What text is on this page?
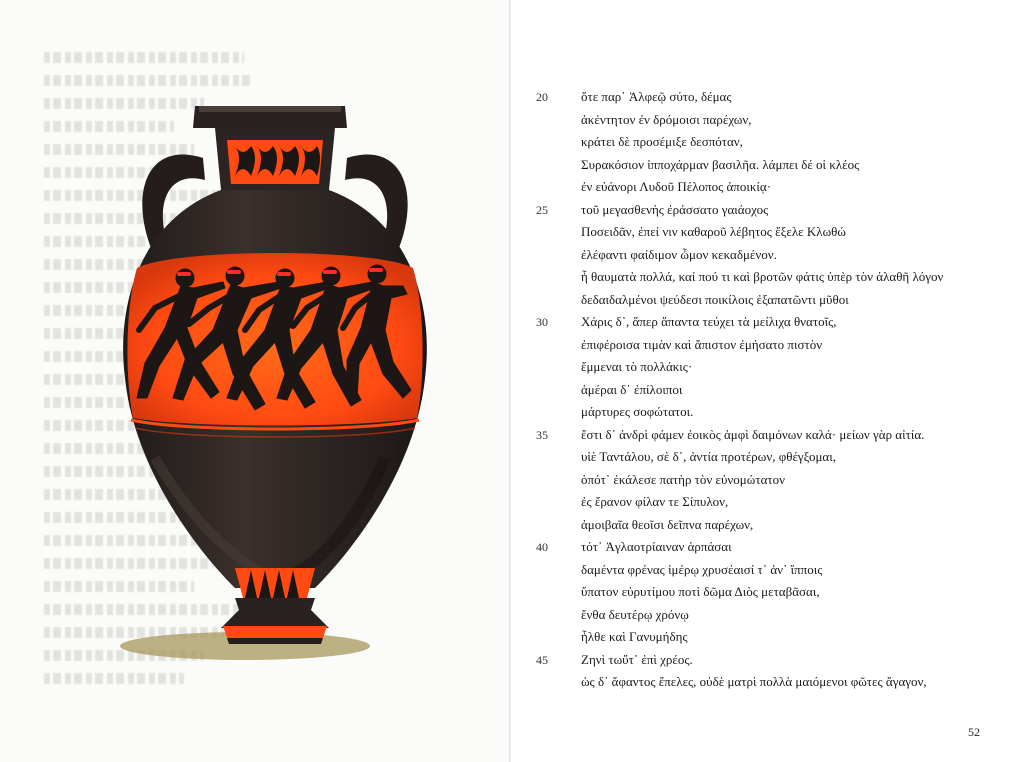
20	ὅτε παρ᾽ Ἀλφεῷ σύτο, δέμας
ἀκέντητον ἐν δρόμοισι παρέχων,
κράτει δὲ προσέμιξε δεσπόταν,
Συρακόσιον ἱπποχάρμαν βασιλῆα. λάμπει δέ οἱ κλέος
ἐν εὐάνορι Λυδοῦ Πέλοπος ἀποικίᾳ·
25	τοῦ μεγασθενὴς ἐράσσατο γαιάοχος
Ποσειδᾶν, ἐπεί νιν καθαροῦ λέβητος ἔξελε Κλωθώ
ἐλέφαντι φαίδιμον ὦμον κεκαδμένον.
ἦ θαυματὰ πολλά, καί πού τι καὶ βροτῶν φάτις ὑπὲρ τὸν ἀλαθῆ λόγον
δεδαιδαλμένοι ψεύδεσι ποικίλοις ἐξαπατῶντι μῦθοι
30	Χάρις δ᾽, ἅπερ ἅπαντα τεύχει τὰ μείλιχα θνατοῖς,
ἐπιφέροισα τιμὰν καὶ ἄπιστον ἐμήσατο πιστὸν
ἔμμεναι τὸ πολλάκις·
ἁμέραι δ᾽ ἐπίλοιποι
μάρτυρες σοφώτατοι.
35	ἔστι δ᾽ ἀνδρὶ φάμεν ἐοικὸς ἀμφὶ δαιμόνων καλά· μείων γὰρ αἰτία.
υἱὲ Ταντάλου, σὲ δ᾽, ἀντία προτέρων, φθέγξομαι,
ὁπότ᾽ ἐκάλεσε πατὴρ τὸν εὐνομώτατον
ἐς ἔρανον φίλαν τε Σίπυλον,
ἀμοιβαῖα θεοῖσι δεῖπνα παρέχων,
40	τότ᾽ Ἀγλαοτρίαιναν ἁρπάσαι
δαμέντα φρένας ἱμέρῳ χρυσέαισί τ᾽ ἀν᾽ ἵπποις
ὕπατον εὐρυτίμου ποτὶ δῶμα Διὸς μεταβᾶσαι,
ἔνθα δευτέρῳ χρόνῳ
ἦλθε καὶ Γανυμήδης
45	Ζηνὶ τωὔτ᾽ ἐπὶ χρέος.
ὡς δ᾽ ἄφαντος ἔπελες, οὐδὲ ματρὶ πολλὰ μαιόμενοι φῶτες ἄγαγον,
52
